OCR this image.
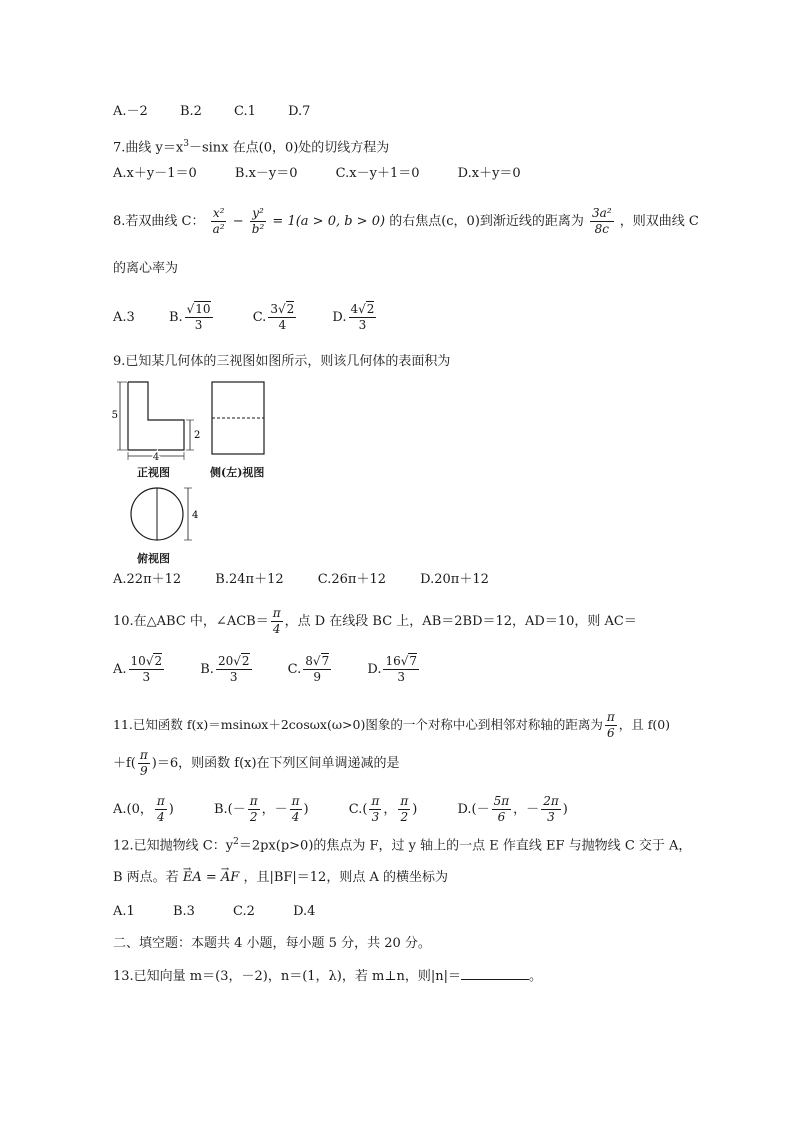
A.－2 B.2 C.1 D.7
7.曲线 $y=x^3-\sin x$ 在点(0，0)处的切线方程为
A.x＋y－1＝0	B.x－y＝0	C.x－y＋1＝0	D.x＋y＝0
8.若双曲线 C： $\frac{\text{x²}}{\text{a²}} - \frac{\text{y²}}{\text{b²}} = 1(a > 0$, b > 0) 的右焦点(c，0)到渐近线的距离为 $\frac{\text{3a²}}{8c}$ ，则双曲线 C
的离心率为
A.3	B. $\frac{√10}{3}$	C. $\frac{3√2}{4}$	D. $\frac{4√2}{3}$
9.已知某几何体的三视图如图所示，则该几何体的表面积为
5
2
4
4
正视图	侧(左)视图
俯视图
A.22π＋12	B.24π＋12	C.26π＋12	D.20π＋12
10.在△ABC 中，∠ACB＝ $\frac{\pi}{4}$ ，点 D 在线段 BC 上，AB＝2BD＝12，AD＝10，则 AC＝
A. $\frac{10√2}{3}$	B. $\frac{20√2}{3}$	C. $\frac{8√7}{9}$	D. $\frac{16√7}{3}$
11.已知函数 f(x)＝msinωx＋2cosωx(ω>0)图象的一个对称中心到相邻对称轴的距离为 $\frac{\pi}{6}$ ，且 f(0)
$+f( \frac{\pi}{9} )=6$，则函数 f(x)在下列区间单调递减的是
A.(0， $\frac{\pi}{4}$ )	$B.(- \frac{\pi}{2}$ ，－ $\frac{\pi}{4}$ )	$C.( \frac{\pi}{3}$ ， $\frac{\pi}{2}$ )	$D.(- \frac{5\pi}{6}$ ，－ $\frac{2\pi}{3}$ )
12.已知抛物线 C：$y^2=2px(p>0)$的焦点为 F，过 y 轴上的一点 E 作直线 EF 与抛物线 C 交于 A，
B 两点。若 → EA = → AF ，且|BF|＝12，则点 A 的横坐标为
A.1	B.3	C.2	D.4
二、填空题：本题共 4 小题，每小题 5 分，共 20 分。
13.已知向量 m＝(3，－2)，n＝(1，λ)，若 m⊥n，则|n|＝	。
